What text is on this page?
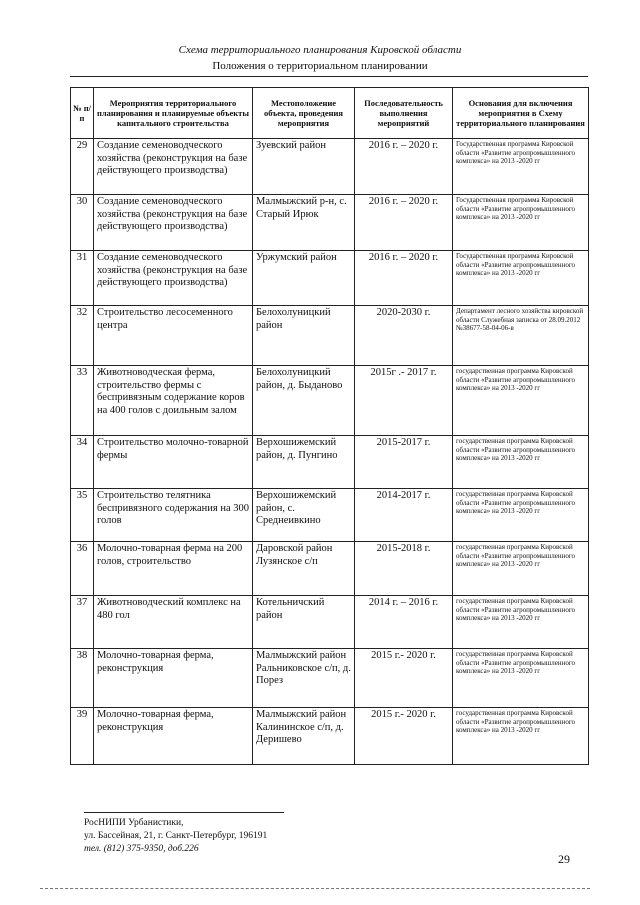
Схема территориального планирования Кировской области
Положения о территориальном планировании
№ п/п	Мероприятия территориального планирования и планируемые объекты капитального строительства	Местоположение объекта, проведения мероприятия	Последовательность выполнения мероприятий	Основания для включения мероприятия в Схему территориального планирования
29	Создание семеноводческого хозяйства (реконструкция на базе действующего производства)	Зуевский район	2016 г. – 2020 г.	Государственная программа Кировской области «Развитие агропромышленного комплекса» на 2013 -2020 гг
30	Создание семеноводческого хозяйства (реконструкция на базе действующего производства)	Малмыжский р-н, с. Старый Ирюк	2016 г. – 2020 г.	Государственная программа Кировской области «Развитие агропромышленного комплекса» на 2013 -2020 гг
31	Создание семеноводческого хозяйства (реконструкция на базе действующего производства)	Уржумский район	2016 г. – 2020 г.	Государственная программа Кировской области «Развитие агропромышленного комплекса» на 2013 -2020 гг
32	Строительство лесосеменного центра	Белохолуницкий район	2020-2030 г.	Департамент лесного хозяйства кировской области Служебная записка от 28.09.2012 №38677-58-04-06-в
33	Животноводческая ферма, строительство фермы с беспривязным содержание коров на 400 голов с доильным залом	Белохолуницкий район, д. Быданово	2015г .- 2017 г.	государственная программа Кировской области «Развитие агропромышленного комплекса» на 2013 -2020 гг
34	Строительство молочно-товарной фермы	Верхошижемский район, д. Пунгино	2015-2017 г.	государственная программа Кировской области «Развитие агропромышленного комплекса» на 2013 -2020 гг
35	Строительство телятника беспривязного содержания на 300 голов	Верхошижемский район, с. Среднеивкино	2014-2017 г.	государственная программа Кировской области «Развитие агропромышленного комплекса» на 2013 -2020 гг
36	Молочно-товарная ферма на 200 голов, строительство	Даровской район Лузянское с/п	2015-2018 г.	государственная программа Кировской области «Развитие агропромышленного комплекса» на 2013 -2020 гг
37	Животноводческий комплекс на 480 гол	Котельничский район	2014 г. – 2016 г.	государственная программа Кировской области «Развитие агропромышленного комплекса» на 2013 -2020 гг
38	Молочно-товарная ферма, реконструкция	Малмыжский район Ральниковское с/п, д. Порез	2015 г.- 2020 г.	государственная программа Кировской области «Развитие агропромышленного комплекса» на 2013 -2020 гг
39	Молочно-товарная ферма, реконструкция	Малмыжский район Калининское с/п, д. Деришево	2015 г.- 2020 г.	государственная программа Кировской области «Развитие агропромышленного комплекса» на 2013 -2020 гг
РосНИПИ Урбанистики,
ул. Бассейная, 21, г. Санкт-Петербург, 196191
тел. (812) 375-9350, доб.226
29
